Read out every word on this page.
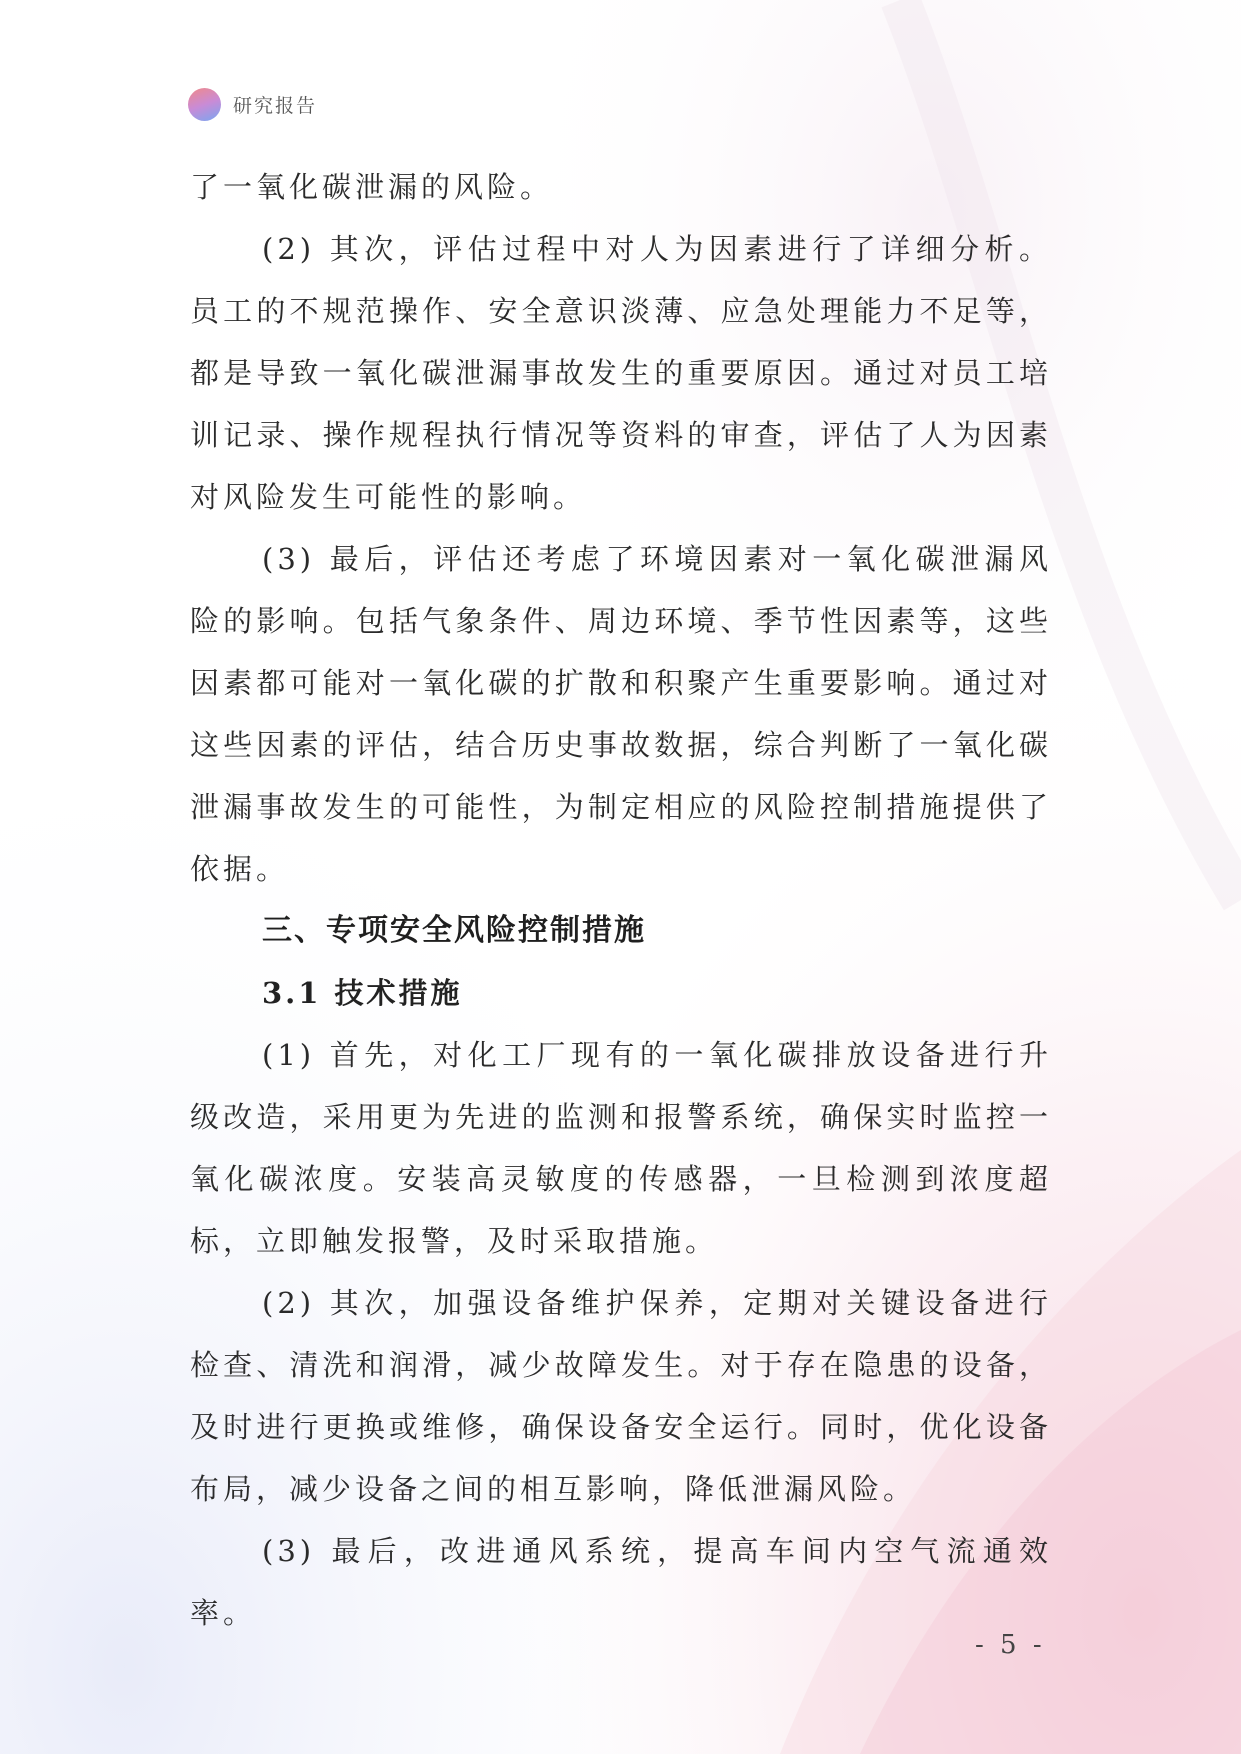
研究报告

了一氧化碳泄漏的风险。

(2) 其次，评估过程中对人为因素进行了详细分析。员工的不规范操作、安全意识淡薄、应急处理能力不足等，都是导致一氧化碳泄漏事故发生的重要原因。通过对员工培训记录、操作规程执行情况等资料的审查，评估了人为因素对风险发生可能性的影响。

(3) 最后，评估还考虑了环境因素对一氧化碳泄漏风险的影响。包括气象条件、周边环境、季节性因素等，这些因素都可能对一氧化碳的扩散和积聚产生重要影响。通过对这些因素的评估，结合历史事故数据，综合判断了一氧化碳泄漏事故发生的可能性，为制定相应的风险控制措施提供了依据。

三、专项安全风险控制措施
3.1 技术措施

(1) 首先，对化工厂现有的一氧化碳排放设备进行升级改造，采用更为先进的监测和报警系统，确保实时监控一氧化碳浓度。安装高灵敏度的传感器，一旦检测到浓度超标，立即触发报警，及时采取措施。

(2) 其次，加强设备维护保养，定期对关键设备进行检查、清洗和润滑，减少故障发生。对于存在隐患的设备，及时进行更换或维修，确保设备安全运行。同时，优化设备布局，减少设备之间的相互影响，降低泄漏风险。

(3) 最后，改进通风系统，提高车间内空气流通效率。

- 5 -
